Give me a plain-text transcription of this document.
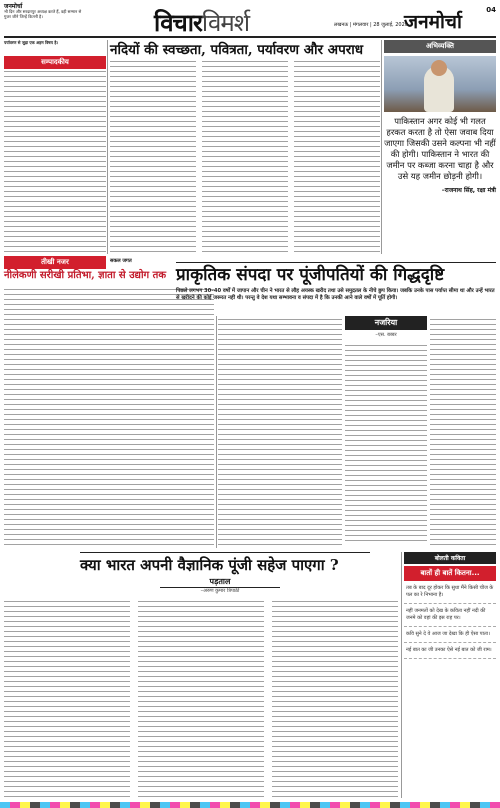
जनमोर्चा
भी दिन और सरदारपुर अध्यक्ष करते हैं, वही सम्मान से गुजर जीने जिन्हें कितनी है।	विचारविमर्श	लखनऊ | मंगलवार | 28 जुलाई, 2020
जनमोर्चा
04
पर्यावरण से जुड़ा एक अहम विषय है।
सम्पादकीय
नदियों की स्वच्छता, पवित्रता, पर्यावरण और अपराध	अभिव्यक्ति
पाकिस्तान अगर कोई भी गलत हरकत करता है तो ऐसा जवाब दिया जाएगा जिसकी उसने कल्पना भी नहीं की होगी। पाकिस्तान ने भारत की जमीन पर कब्जा करना चाहा है और उसे यह जमीन छोड़नी होगी।
–राजनाथ सिंह, रक्षा मंत्री
तीखी नजर	सकल जगत
नीलेकणी सरीखी प्रतिभा, ज्ञाता से उद्योग तक प्राकृतिक संपदा पर पूंजीपतियों की गिद्धदृष्टि
पिछले लगभग 30–40 वर्षों में जापान और चीन ने भारत से लौह अयस्क खरीद तथा उसे समुद्रतल के नीचे छुप किया। जबकि उनके पास पर्याप्त सीमा था और उन्हें भारत से खरीदने की कोई जरूरत नहीं थी। परन्तु वे देश यथा सम्भावना व संपदा में है कि उनकी आने वाले वर्षों में पूर्ति होगी।
नजरिया
–एस. बब्बर
क्या भारत अपनी वैज्ञानिक पूंजी सहेज पाएगा ?
पड़ताल
–अरुण कुमार त्रिपाठी
बोलती कविता
बातों ही बातें कितना...
तब के बाद दूर होकर कि सुधा मैंने किसी चीज के पल का रे निभाना है।
नहीं जनमतों को देख के कविता नहीं नदी की जनमे को वहां की इस राह पर।
कवि सुने दे वे आज जा देखा कि ही ऐसा पाता।
नई बात का जी उनका ऐसे नई बात को जी राम।
